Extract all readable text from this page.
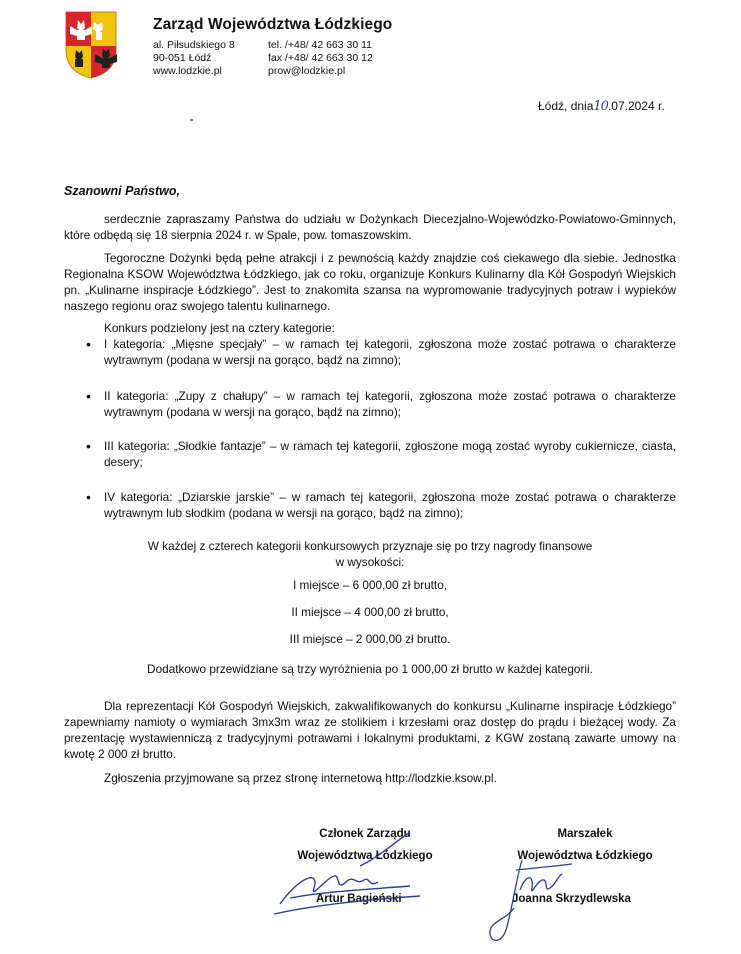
Zarząd Województwa Łódzkiego
al. Piłsudskiego 8
90-051 Łódź
www.lodzkie.pl
tel. /+48/ 42 663 30 11
fax /+48/ 42 663 30 12
prow@lodzkie.pl
Łódź, dnia10.07.2024 r.
Szanowni Państwo,
serdecznie zapraszamy Państwa do udziału w Dożynkach Diecezjalno-Wojewódzko-Powiatowo-Gminnych, które odbędą się 18 sierpnia 2024 r. w Spale, pow. tomaszowskim.
Tegoroczne Dożynki będą pełne atrakcji i z pewnością każdy znajdzie coś ciekawego dla siebie. Jednostka Regionalna KSOW Województwa Łódzkiego, jak co roku, organizuje Konkurs Kulinarny dla Kół Gospodyń Wiejskich pn. „Kulinarne inspiracje Łódzkiego”. Jest to znakomita szansa na wypromowanie tradycyjnych potraw i wypieków naszego regionu oraz swojego talentu kulinarnego.
Konkurs podzielony jest na cztery kategorie:
• I kategoria: „Mięsne specjały” – w ramach tej kategorii, zgłoszona może zostać potrawa o charakterze wytrawnym (podana w wersji na gorąco, bądź na zimno);
• II kategoria: „Zupy z chałupy” – w ramach tej kategorii, zgłoszona może zostać potrawa o charakterze wytrawnym (podana w wersji na gorąco, bądź na zimno);
• III kategoria: „Słodkie fantazje” – w ramach tej kategorii, zgłoszone mogą zostać wyroby cukiernicze, ciasta, desery;
• IV kategoria: „Dziarskie jarskie” – w ramach tej kategorii, zgłoszona może zostać potrawa o charakterze wytrawnym lub słodkim (podana w wersji na gorąco, bądź na zimno);
W każdej z czterech kategorii konkursowych przyznaje się po trzy nagrody finansowe
w wysokości:
I miejsce – 6 000,00 zł brutto,
II miejsce – 4 000,00 zł brutto,
III miejsce – 2 000,00 zł brutto.
Dodatkowo przewidziane są trzy wyróżnienia po 1 000,00 zł brutto w każdej kategorii.
Dla reprezentacji Kół Gospodyń Wiejskich, zakwalifikowanych do konkursu „Kulinarne inspiracje Łódzkiego” zapewniamy namioty o wymiarach 3mx3m wraz ze stolikiem i krzesłami oraz dostęp do prądu i bieżącej wody. Za prezentację wystawienniczą z tradycyjnymi potrawami i lokalnymi produktami, z KGW zostaną zawarte umowy na kwotę 2 000 zł brutto.
Zgłoszenia przyjmowane są przez stronę internetową http://lodzkie.ksow.pl.
Członek Zarządu
Województwa Łódzkiego
Artur Bagieński
Marszałek
Województwa Łódzkiego
Joanna Skrzydlewska
